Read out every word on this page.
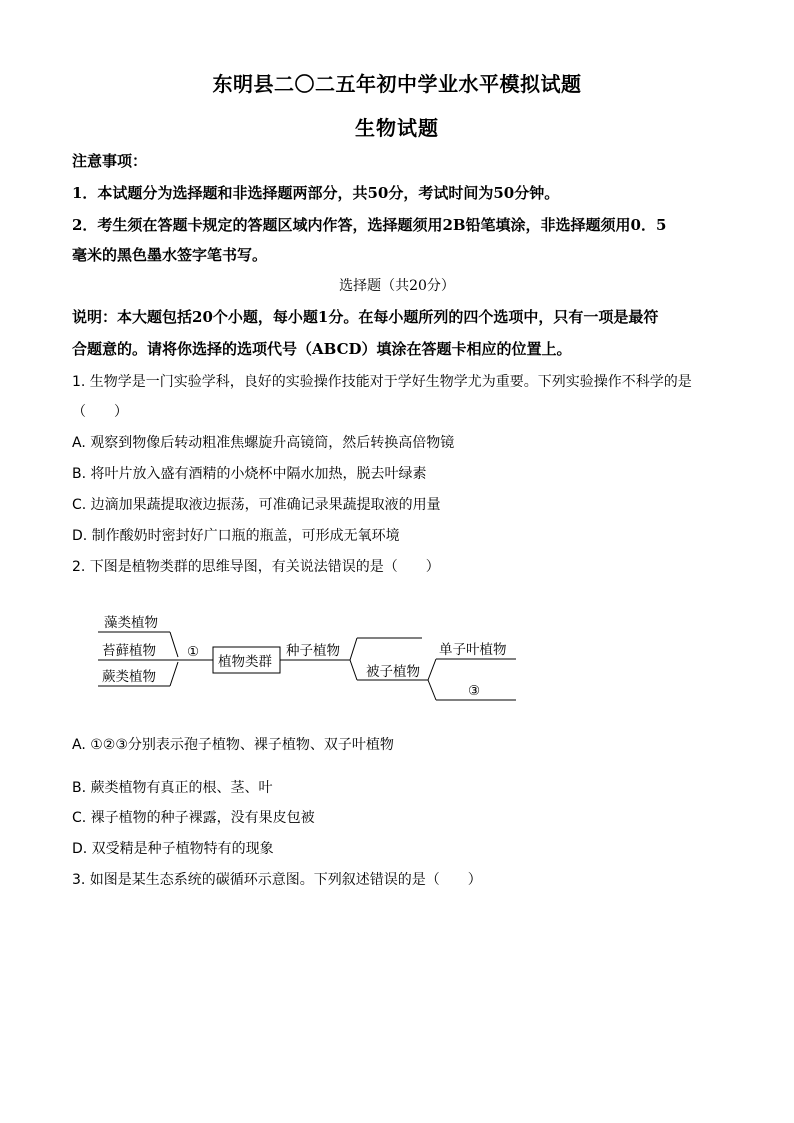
东明县二〇二五年初中学业水平模拟试题
生物试题
注意事项：
1．本试题分为选择题和非选择题两部分，共50分，考试时间为50分钟。
2．考生须在答题卡规定的答题区域内作答，选择题须用2B铅笔填涂，非选择题须用0．5
毫米的黑色墨水签字笔书写。
选择题（共20分）
说明：本大题包括20个小题，每小题1分。在每小题所列的四个选项中，只有一项是最符
合题意的。请将你选择的选项代号（ABCD）填涂在答题卡相应的位置上。
1. 生物学是一门实验学科，良好的实验操作技能对于学好生物学尤为重要。下列实验操作不科学的是
（　　）
A. 观察到物像后转动粗准焦螺旋升高镜筒，然后转换高倍物镜
B. 将叶片放入盛有酒精的小烧杯中隔水加热，脱去叶绿素
C. 边滴加果蔬提取液边振荡，可准确记录果蔬提取液的用量
D. 制作酸奶时密封好广口瓶的瓶盖，可形成无氧环境
2. 下图是植物类群的思维导图，有关说法错误的是（　　）
藻类植物
苔藓植物
蕨类植物
①
植物类群
种子植物
被子植物
单子叶植物
③
A. ①②③分别表示孢子植物、裸子植物、双子叶植物
B. 蕨类植物有真正的根、茎、叶
C. 裸子植物的种子裸露，没有果皮包被
D. 双受精是种子植物特有的现象
3. 如图是某生态系统的碳循环示意图。下列叙述错误的是（　　）
